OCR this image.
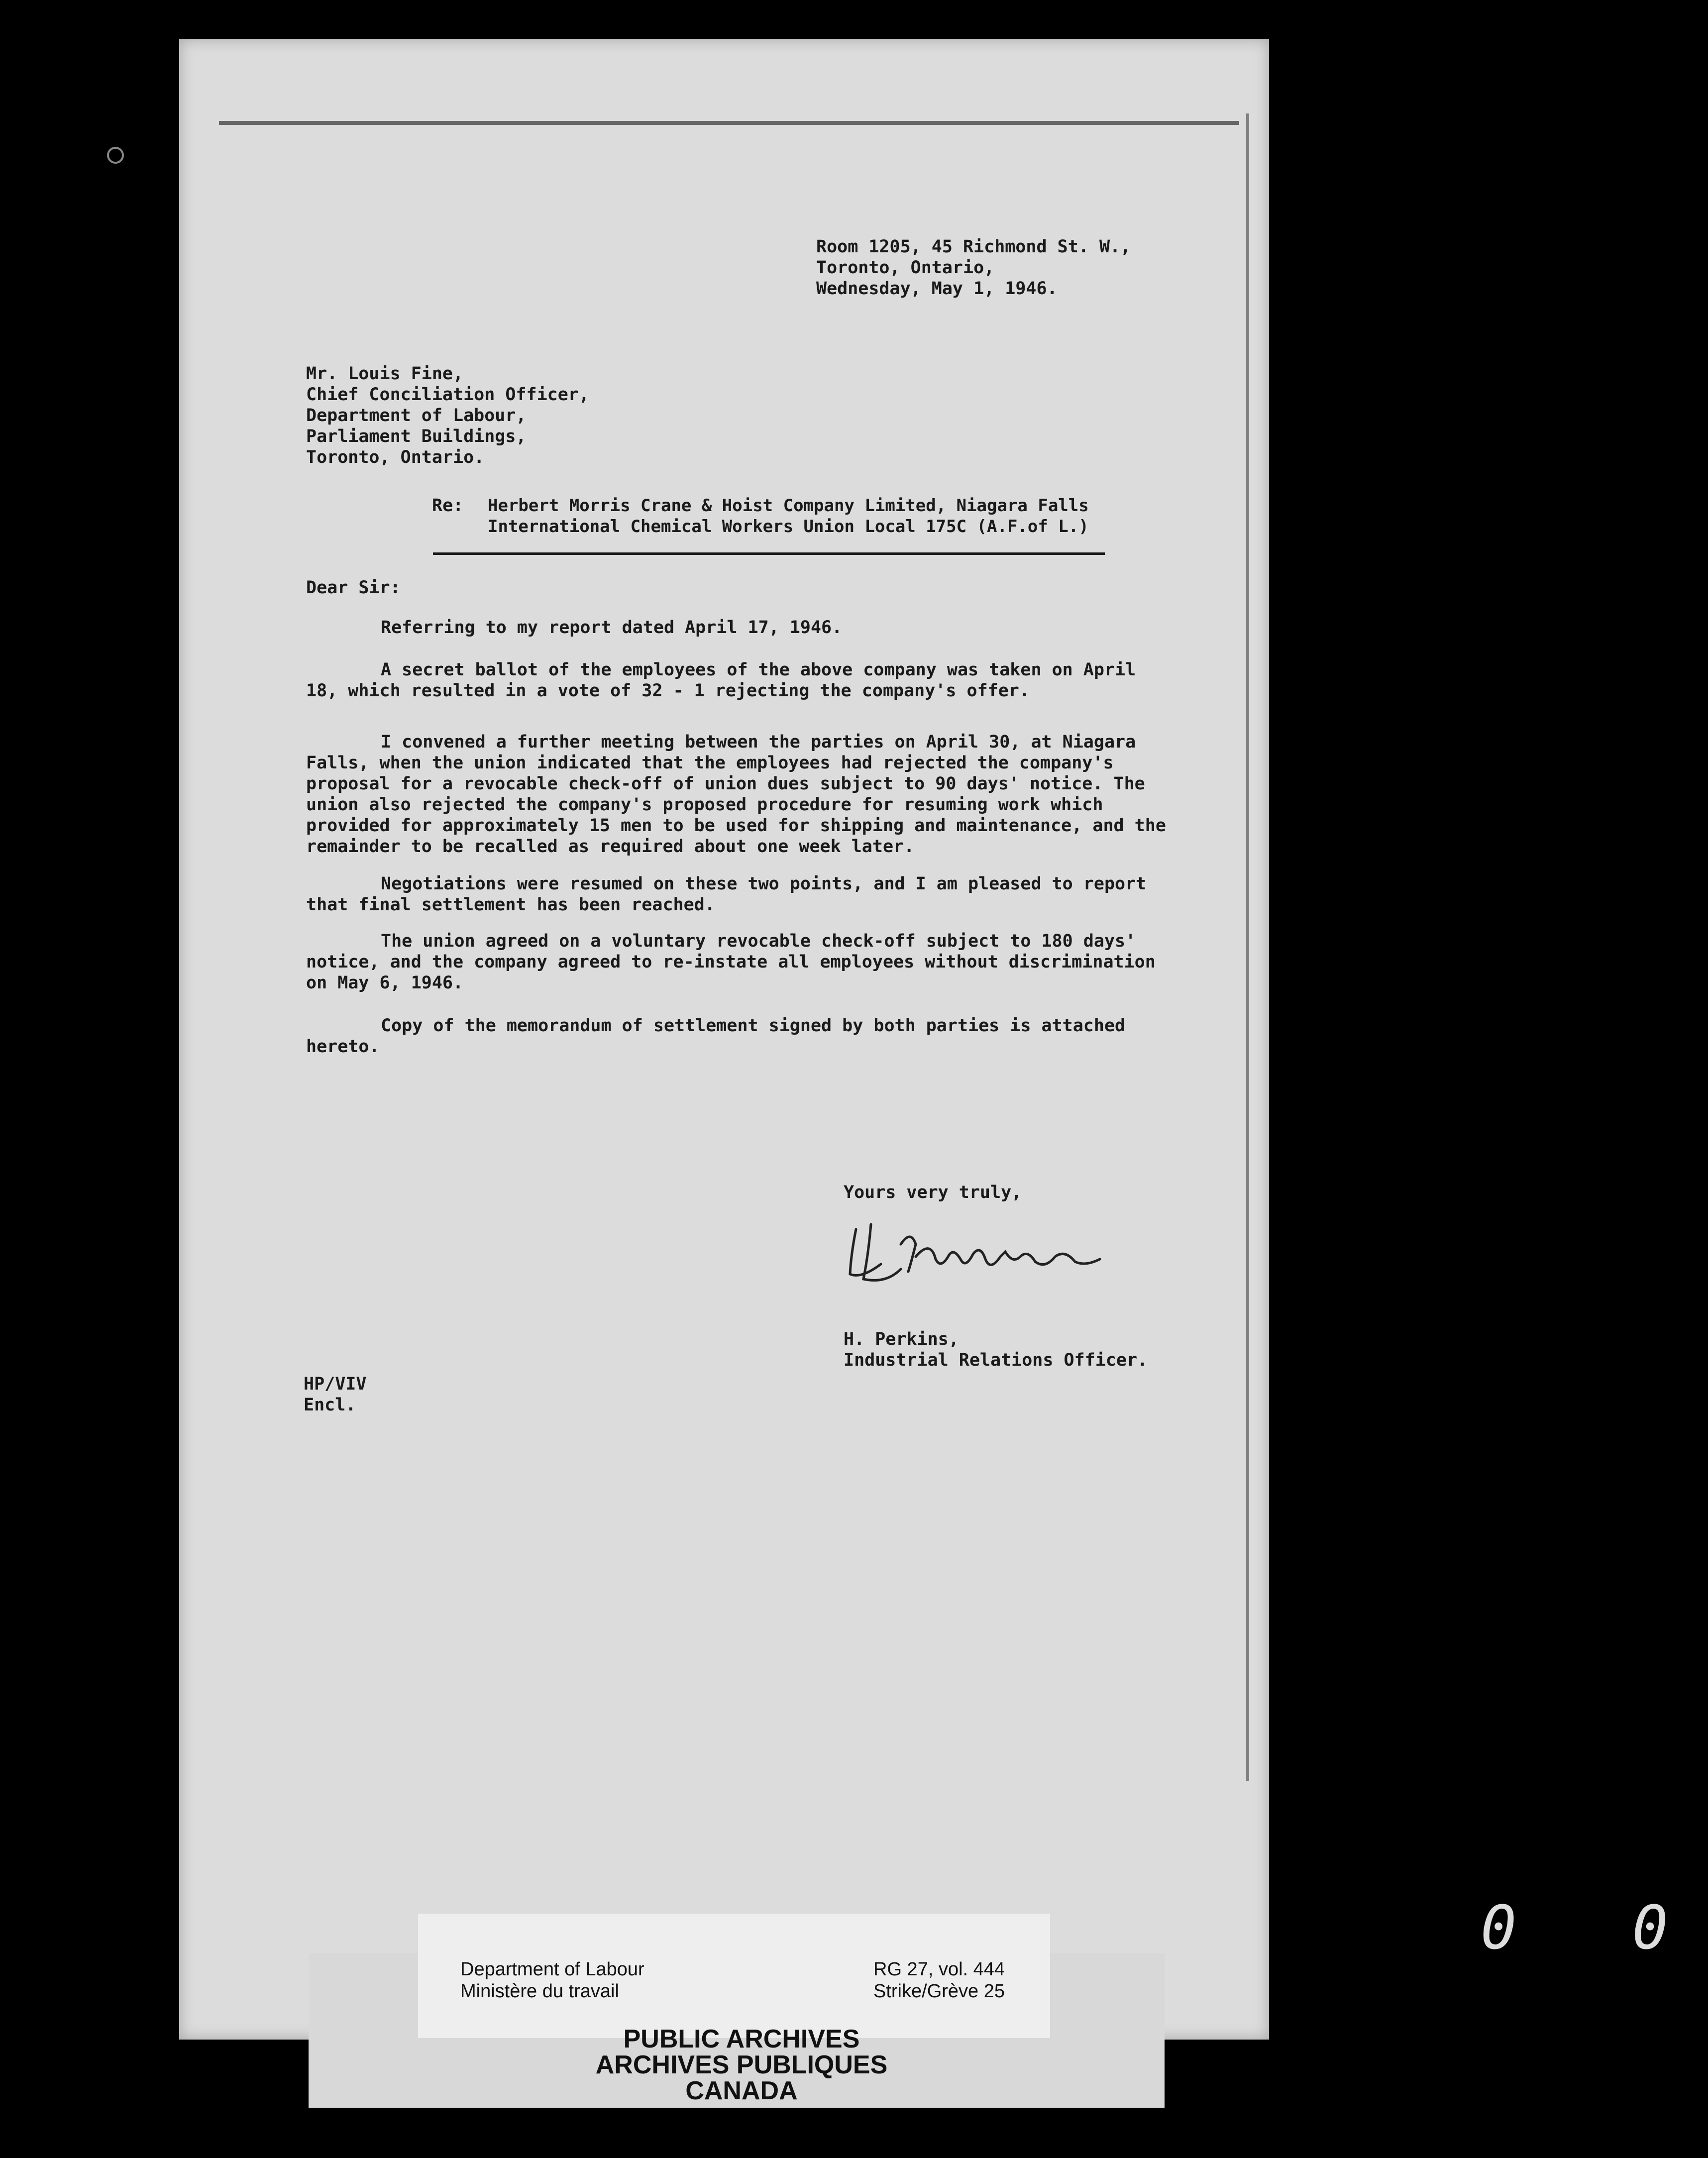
Room 1205, 45 Richmond St. W.,
Toronto, Ontario,
Wednesday, May 1, 1946.
Mr. Louis Fine,
Chief Conciliation Officer,
Department of Labour,
Parliament Buildings,
Toronto, Ontario.
Re: Herbert Morris Crane & Hoist Company Limited, Niagara Falls
International Chemical Workers Union Local 175C (A.F.of L.)
Dear Sir:
Referring to my report dated April 17, 1946.
A secret ballot of the employees of the above company was taken on April 18, which resulted in a vote of 32 - 1 rejecting the company's offer.
I convened a further meeting between the parties on April 30, at Niagara Falls, when the union indicated that the employees had rejected the company's proposal for a revocable check-off of union dues subject to 90 days' notice. The union also rejected the company's proposed procedure for resuming work which provided for approximately 15 men to be used for shipping and maintenance, and the remainder to be recalled as required about one week later.
Negotiations were resumed on these two points, and I am pleased to report that final settlement has been reached.
The union agreed on a voluntary revocable check-off subject to 180 days' notice, and the company agreed to re-instate all employees without discrimination on May 6, 1946.
Copy of the memorandum of settlement signed by both parties is attached hereto.
Yours very truly,
H. Perkins,
Industrial Relations Officer.
HP/VIV
Encl.
Department of Labour
Ministère du travail
RG 27, vol. 444
Strike/Grève 25
PUBLIC ARCHIVES
ARCHIVES PUBLIQUES
CANADA
0 0
